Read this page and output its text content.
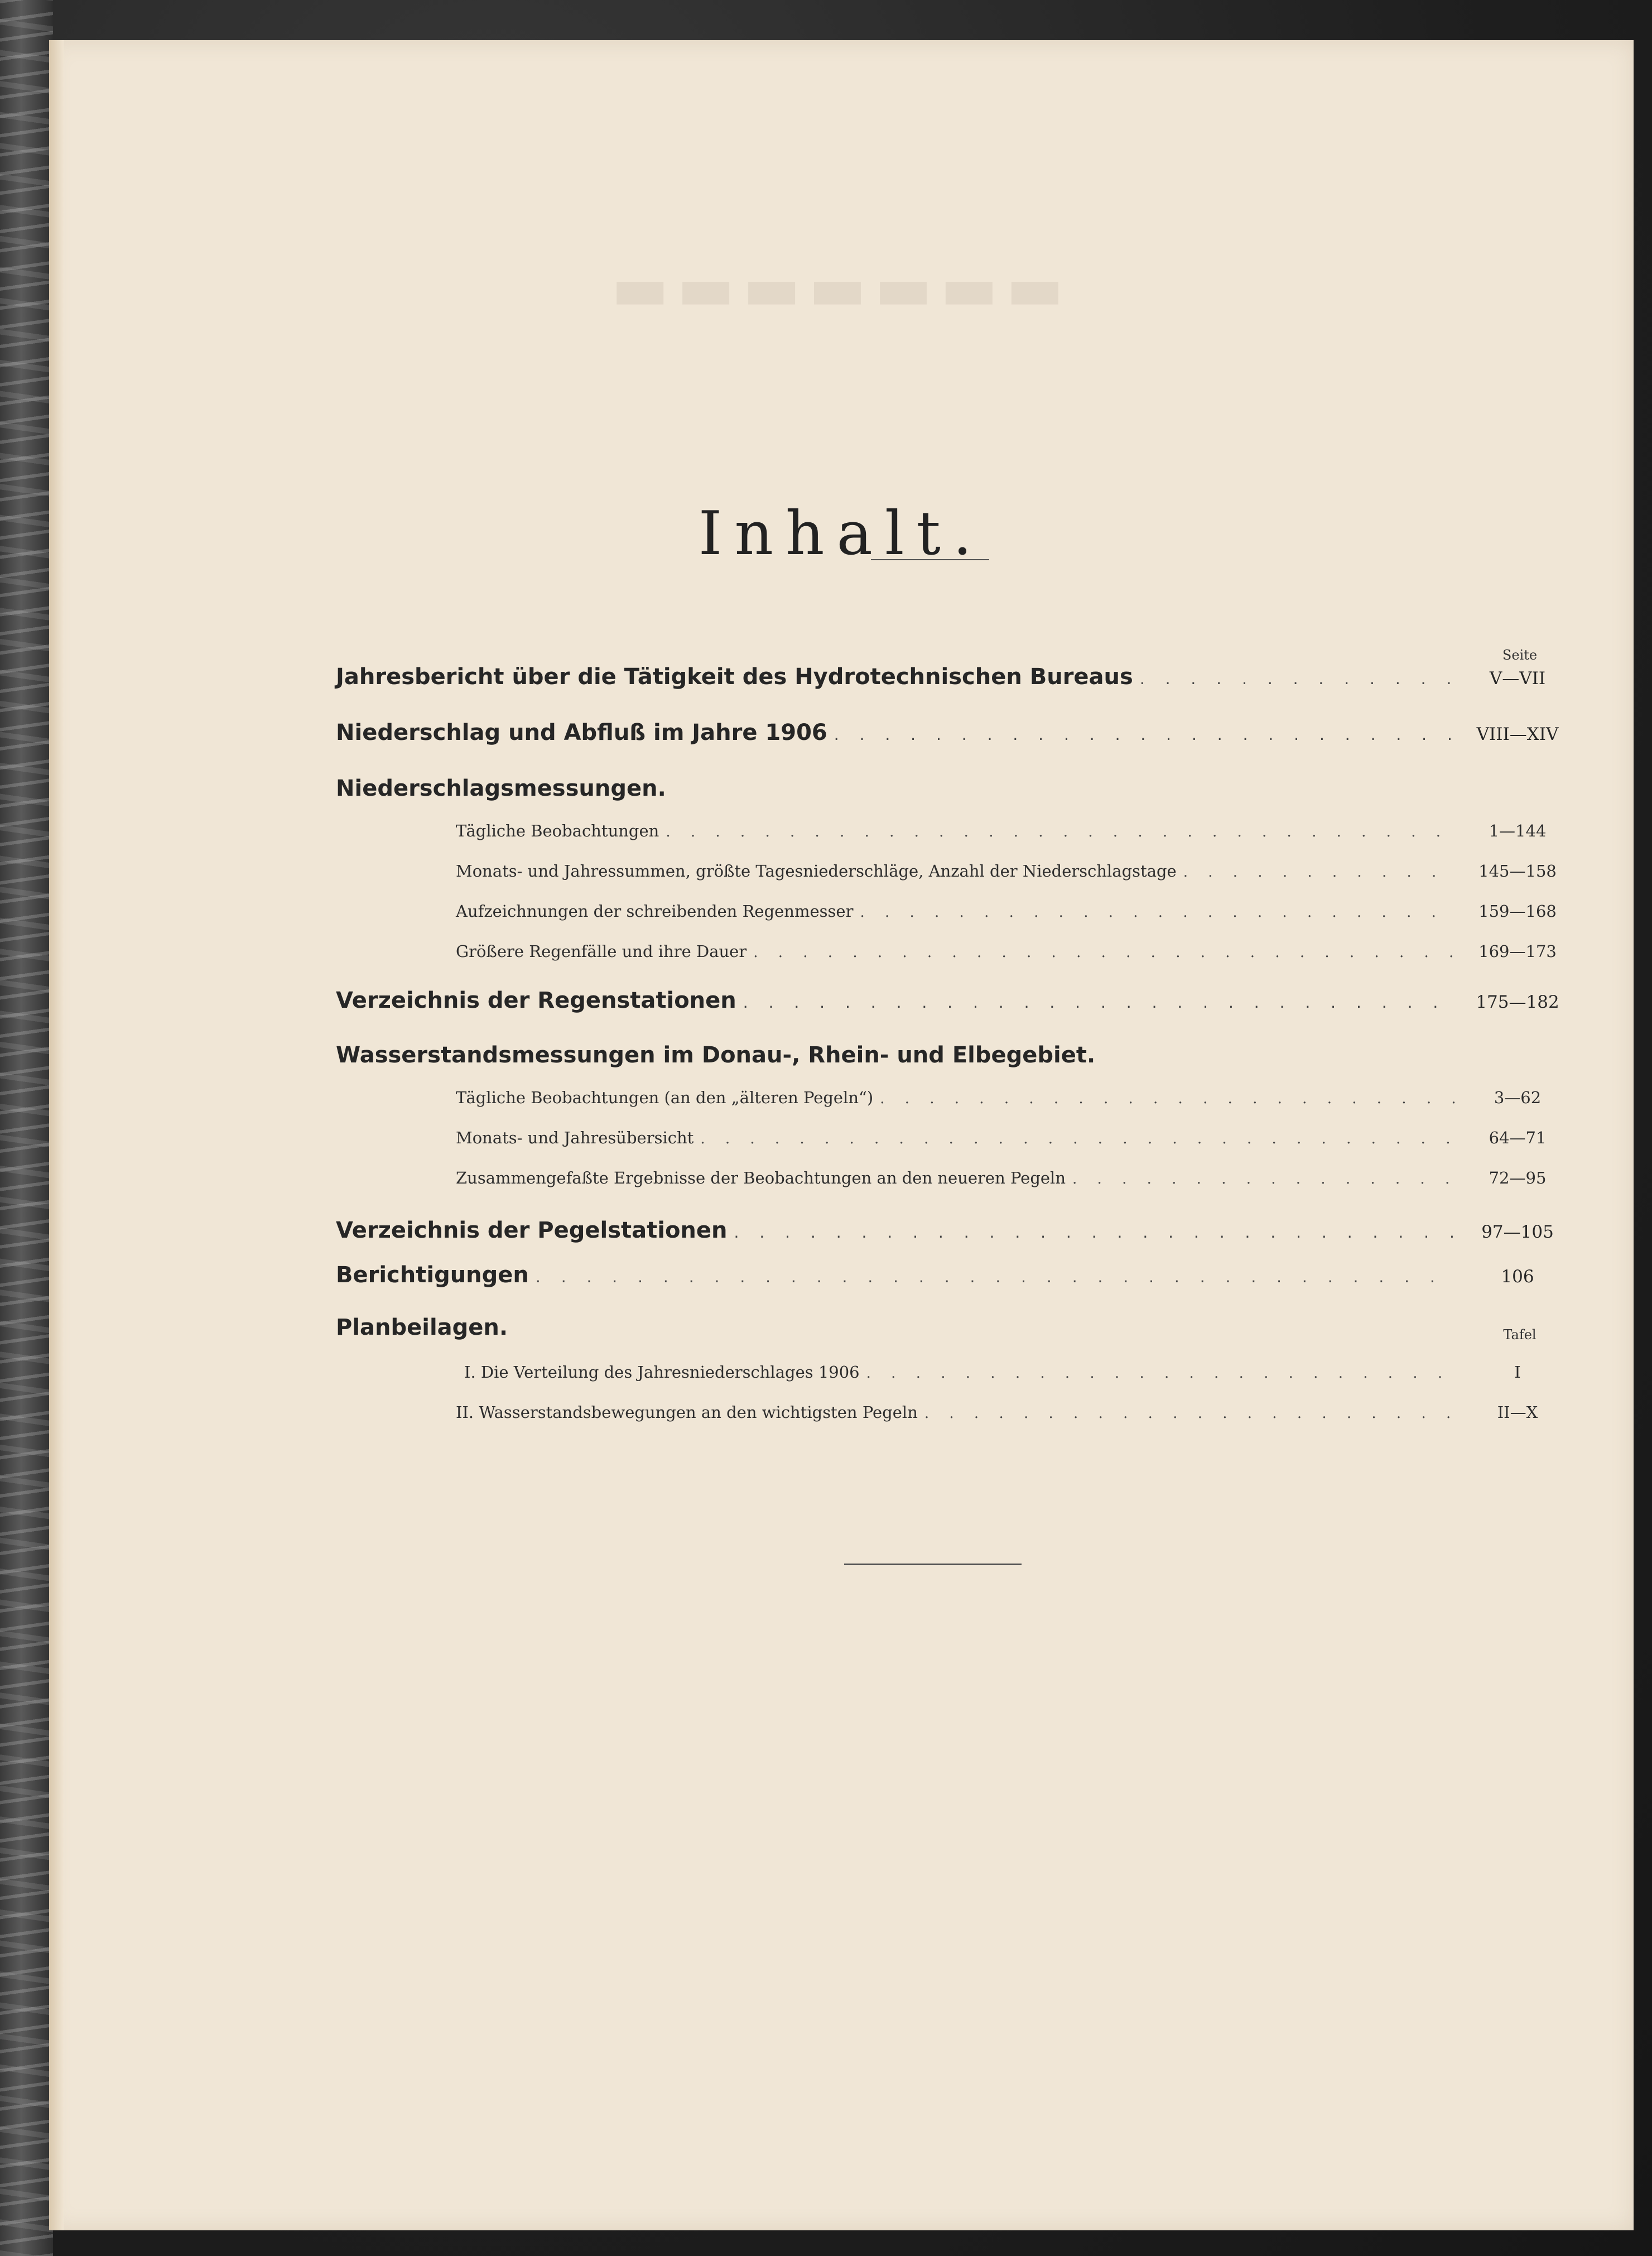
▬▬▬▬▬▬▬
Inhalt.
Seite
Jahresbericht über die Tätigkeit des Hydrotechnischen Bureaus . . .	V—VII
Niederschlag und Abfluß im Jahre 1906 . . .	VIII—XIV
Niederschlagsmessungen.
Tägliche Beobachtungen . . .	1—144
Monats- und Jahressummen, größte Tagesniederschläge, Anzahl der Niederschlagstage . . .	145—158
Aufzeichnungen der schreibenden Regenmesser . . .	159—168
Größere Regenfälle und ihre Dauer . . .	169—173
Verzeichnis der Regenstationen . . .	175—182
Wasserstandsmessungen im Donau-, Rhein- und Elbegebiet.
Tägliche Beobachtungen (an den „älteren Pegeln“) . . .	3—62
Monats- und Jahresübersicht . . .	64—71
Zusammengefaßte Ergebnisse der Beobachtungen an den neueren Pegeln . . .	72—95
Verzeichnis der Pegelstationen . . .	97—105
Berichtigungen . . .	106
Planbeilagen.	Tafel
I. Die Verteilung des Jahresniederschlages 1906 . . .	I
II. Wasserstandsbewegungen an den wichtigsten Pegeln . . .	II—X
